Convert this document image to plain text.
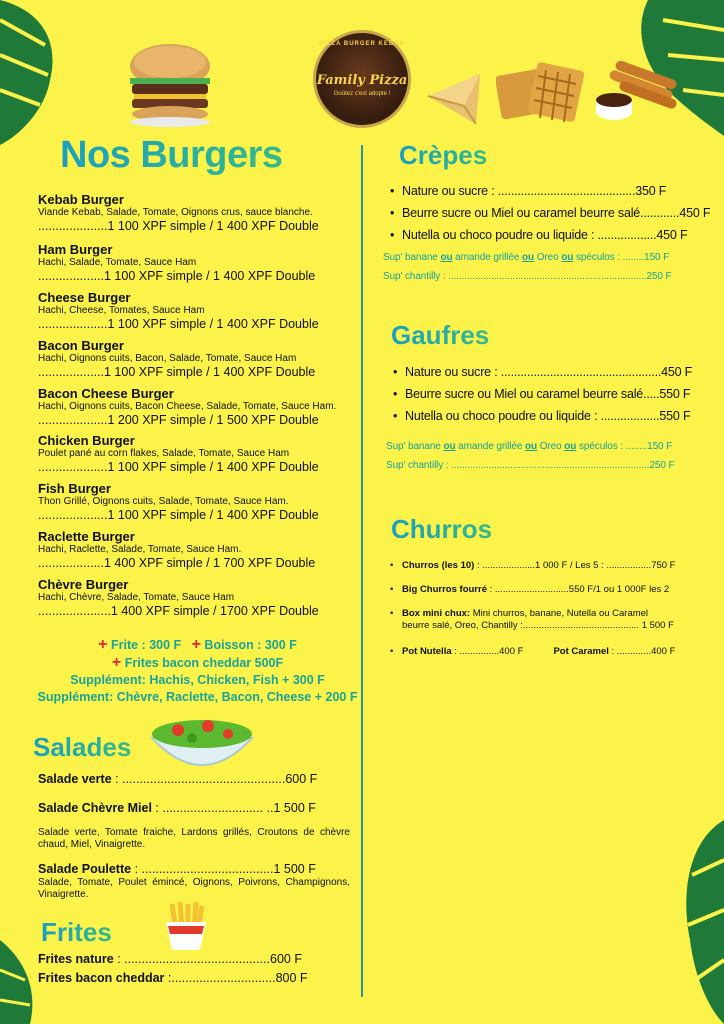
PIZZA BURGER KEBAB
Family Pizza
Goûtez c'est adopté !
Nos Burgers
Kebab Burger
Viande Kebab, Salade, Tomate, Oignons crus, sauce blanche.
....................1 100 XPF simple / 1 400 XPF Double
Ham Burger
Hachi, Salade, Tomate, Sauce Ham
...................1 100 XPF simple / 1 400 XPF Double
Cheese Burger
Hachi, Cheese, Tomates, Sauce Ham
....................1 100 XPF simple / 1 400 XPF Double
Bacon Burger
Hachi, Oignons cuits, Bacon, Salade, Tomate, Sauce Ham
...................1 100 XPF simple / 1 400 XPF Double
Bacon Cheese Burger
Hachi, Oignons cuits, Bacon Cheese, Salade, Tomate, Sauce Ham.
....................1 200 XPF simple / 1 500 XPF Double
Chicken Burger
Poulet pané au corn flakes, Salade, Tomate, Sauce Ham
....................1 100 XPF simple / 1 400 XPF Double
Fish Burger
Thon Grillé, Oignons cuits, Salade, Tomate, Sauce Ham.
....................1 100 XPF simple / 1 400 XPF Double
Raclette Burger
Hachi, Raclette, Salade, Tomate, Sauce Ham.
...................1 400 XPF simple / 1 700 XPF Double
Chèvre Burger
Hachi, Chèvre, Salade, Tomate, Sauce Ham
.....................1 400 XPF simple / 1700 XPF Double
+ Frite : 300 F + Boisson : 300 F
+ Frites bacon cheddar 500F
Supplément: Hachis, Chicken, Fish + 300 F
Supplément: Chèvre, Raclette, Bacon, Cheese + 200 F
Salades
Salade verte : ...............................................600 F
Salade Chèvre Miel : ............................. ..1 500 F
Salade verte, Tomate fraiche, Lardons grillés, Croutons de chèvre chaud, Miel, Vinaigrette.
Salade Poulette : ......................................1 500 F
Salade, Tomate, Poulet émincé, Oignons, Poivrons, Champignons, Vinaigrette.
Frites
Frites nature : ..........................................600 F
Frites bacon cheddar :..............................800 F
Crèpes
• Nature ou sucre : ..........................................350 F
• Beurre sucre ou Miel ou caramel beurre salé............450 F
• Nutella ou choco poudre ou liquide : ..................450 F
Sup' banane ou amande grillée ou Oreo ou spéculos : ........150 F
Sup' chantilly : ..........................................................................250 F
Gaufres
• Nature ou sucre : .................................................450 F
• Beurre sucre ou Miel ou caramel beurre salé.....550 F
• Nutella ou choco poudre ou liquide : ..................550 F
Sup' banane ou amande grillée ou Oreo ou spéculos : ........150 F
Sup' chantilly : ..........................................................................250 F
Churros
• Churros (les 10) : ....................1 000 F / Les 5 : .................750 F
• Big Churros fourré : ............................550 F/1 ou 1 000F les 2
• Box mini chux: Mini churros, banane, Nutella ou Caramel
beurre salé, Oreo, Chantilly :............................................ 1 500 F
• Pot Nutella : ...............400 F	Pot Caramel : .............400 F
